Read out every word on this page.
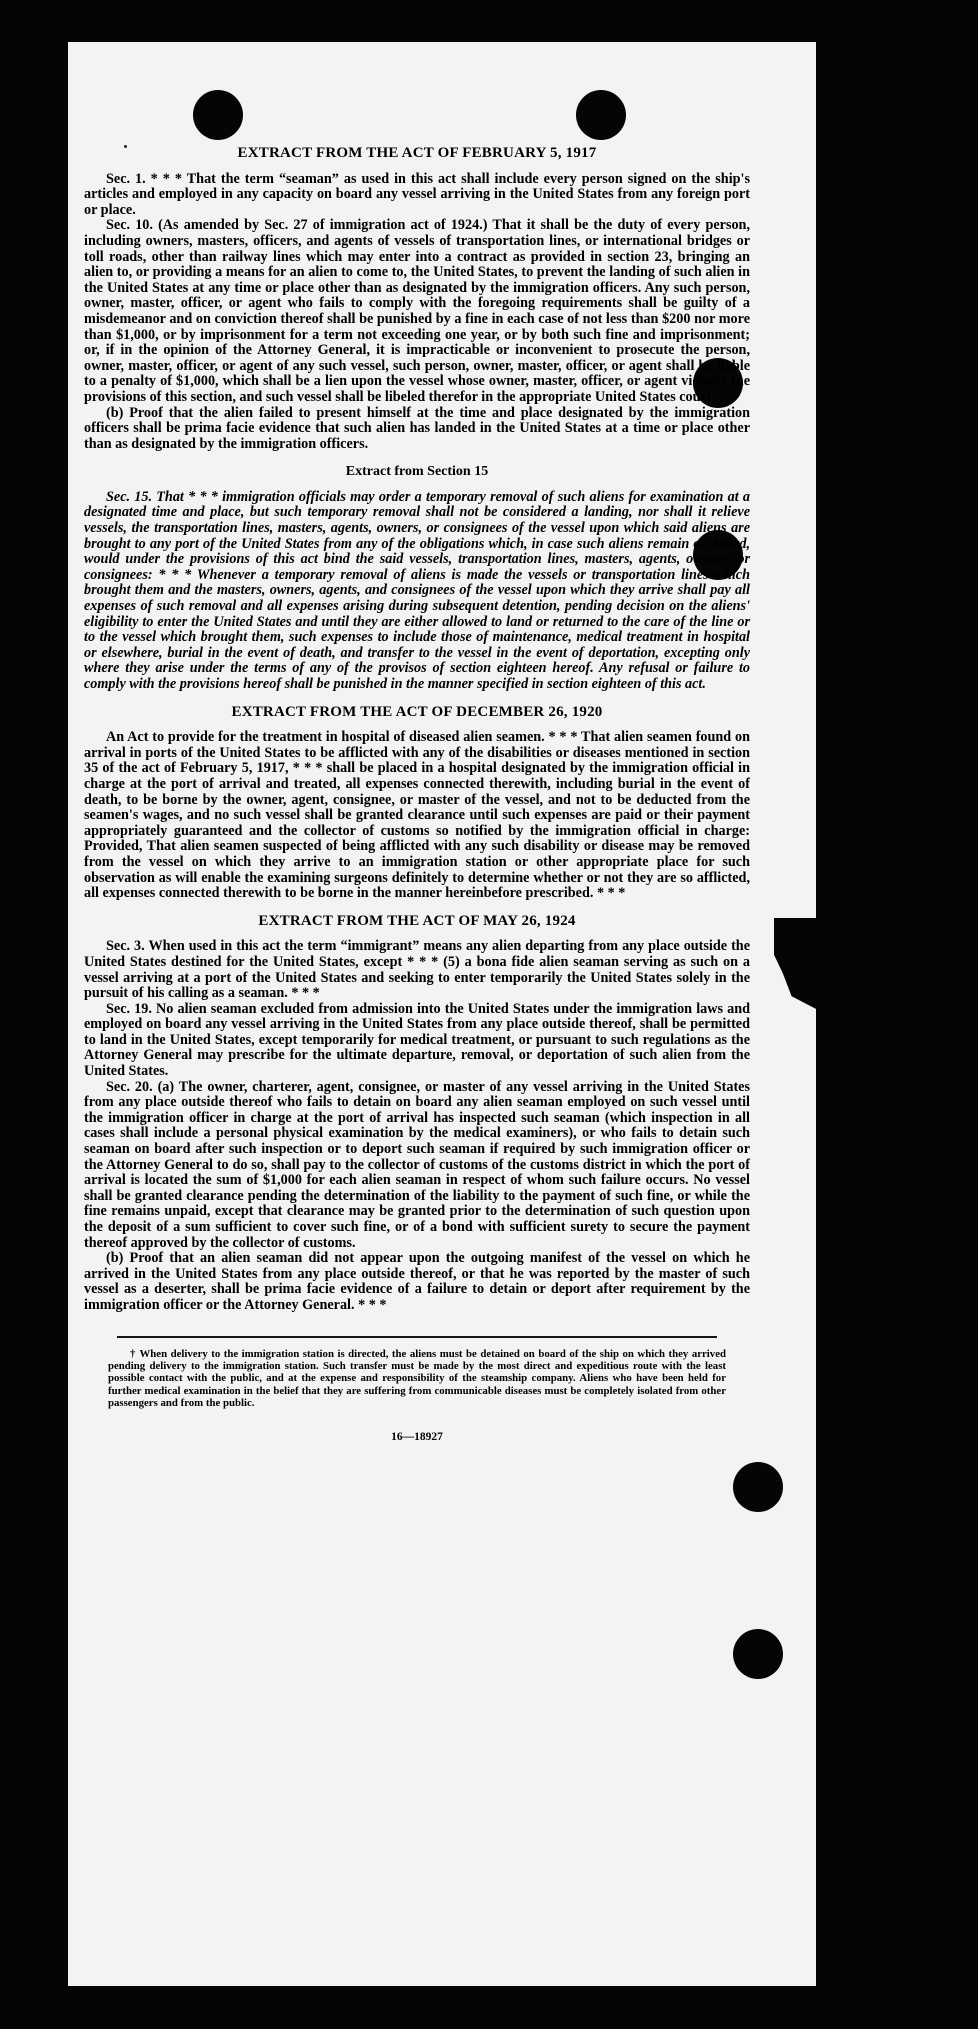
EXTRACT FROM THE ACT OF FEBRUARY 5, 1917

Sec. 1. * * * That the term “seaman” as used in this act shall include every person signed on the ship's articles and employed in any capacity on board any vessel arriving in the United States from any foreign port or place.

Sec. 10. (As amended by Sec. 27 of immigration act of 1924.) That it shall be the duty of every person, including owners, masters, officers, and agents of vessels of transportation lines, or international bridges or toll roads, other than railway lines which may enter into a contract as provided in section 23, bringing an alien to, or providing a means for an alien to come to, the United States, to prevent the landing of such alien in the United States at any time or place other than as designated by the immigration officers. Any such person, owner, master, officer, or agent who fails to comply with the foregoing requirements shall be guilty of a misdemeanor and on conviction thereof shall be punished by a fine in each case of not less than $200 nor more than $1,000, or by imprisonment for a term not exceeding one year, or by both such fine and imprisonment; or, if in the opinion of the Attorney General, it is impracticable or inconvenient to prosecute the person, owner, master, officer, or agent of any such vessel, such person, owner, master, officer, or agent shall be liable to a penalty of $1,000, which shall be a lien upon the vessel whose owner, master, officer, or agent violates the provisions of this section, and such vessel shall be libeled therefor in the appropriate United States court.

(b) Proof that the alien failed to present himself at the time and place designated by the immigration officers shall be prima facie evidence that such alien has landed in the United States at a time or place other than as designated by the immigration officers.

Extract from Section 15

Sec. 15. That * * * immigration officials may order a temporary removal of such aliens for examination at a designated time and place, but such temporary removal shall not be considered a landing, nor shall it relieve vessels, the transportation lines, masters, agents, owners, or consignees of the vessel upon which said aliens are brought to any port of the United States from any of the obligations which, in case such aliens remain on board, would under the provisions of this act bind the said vessels, transportation lines, masters, agents, owners, or consignees: * * * Whenever a temporary removal of aliens is made the vessels or transportation lines which brought them and the masters, owners, agents, and consignees of the vessel upon which they arrive shall pay all expenses of such removal and all expenses arising during subsequent detention, pending decision on the aliens' eligibility to enter the United States and until they are either allowed to land or returned to the care of the line or to the vessel which brought them, such expenses to include those of maintenance, medical treatment in hospital or elsewhere, burial in the event of death, and transfer to the vessel in the event of deportation, excepting only where they arise under the terms of any of the provisos of section eighteen hereof. Any refusal or failure to comply with the provisions hereof shall be punished in the manner specified in section eighteen of this act.

EXTRACT FROM THE ACT OF DECEMBER 26, 1920

An Act to provide for the treatment in hospital of diseased alien seamen. * * * That alien seamen found on arrival in ports of the United States to be afflicted with any of the disabilities or diseases mentioned in section 35 of the act of February 5, 1917, * * * shall be placed in a hospital designated by the immigration official in charge at the port of arrival and treated, all expenses connected therewith, including burial in the event of death, to be borne by the owner, agent, consignee, or master of the vessel, and not to be deducted from the seamen's wages, and no such vessel shall be granted clearance until such expenses are paid or their payment appropriately guaranteed and the collector of customs so notified by the immigration official in charge: Provided, That alien seamen suspected of being afflicted with any such disability or disease may be removed from the vessel on which they arrive to an immigration station or other appropriate place for such observation as will enable the examining surgeons definitely to determine whether or not they are so afflicted, all expenses connected therewith to be borne in the manner hereinbefore prescribed. * * *

EXTRACT FROM THE ACT OF MAY 26, 1924

Sec. 3. When used in this act the term “immigrant” means any alien departing from any place outside the United States destined for the United States, except * * * (5) a bona fide alien seaman serving as such on a vessel arriving at a port of the United States and seeking to enter temporarily the United States solely in the pursuit of his calling as a seaman. * * *

Sec. 19. No alien seaman excluded from admission into the United States under the immigration laws and employed on board any vessel arriving in the United States from any place outside thereof, shall be permitted to land in the United States, except temporarily for medical treatment, or pursuant to such regulations as the Attorney General may prescribe for the ultimate departure, removal, or deportation of such alien from the United States.

Sec. 20. (a) The owner, charterer, agent, consignee, or master of any vessel arriving in the United States from any place outside thereof who fails to detain on board any alien seaman employed on such vessel until the immigration officer in charge at the port of arrival has inspected such seaman (which inspection in all cases shall include a personal physical examination by the medical examiners), or who fails to detain such seaman on board after such inspection or to deport such seaman if required by such immigration officer or the Attorney General to do so, shall pay to the collector of customs of the customs district in which the port of arrival is located the sum of $1,000 for each alien seaman in respect of whom such failure occurs. No vessel shall be granted clearance pending the determination of the liability to the payment of such fine, or while the fine remains unpaid, except that clearance may be granted prior to the determination of such question upon the deposit of a sum sufficient to cover such fine, or of a bond with sufficient surety to secure the payment thereof approved by the collector of customs.

(b) Proof that an alien seaman did not appear upon the outgoing manifest of the vessel on which he arrived in the United States from any place outside thereof, or that he was reported by the master of such vessel as a deserter, shall be prima facie evidence of a failure to detain or deport after requirement by the immigration officer or the Attorney General. * * *

† When delivery to the immigration station is directed, the aliens must be detained on board of the ship on which they arrived pending delivery to the immigration station. Such transfer must be made by the most direct and expeditious route with the least possible contact with the public, and at the expense and responsibility of the steamship company. Aliens who have been held for further medical examination in the belief that they are suffering from communicable diseases must be completely isolated from other passengers and from the public.

16—18927
